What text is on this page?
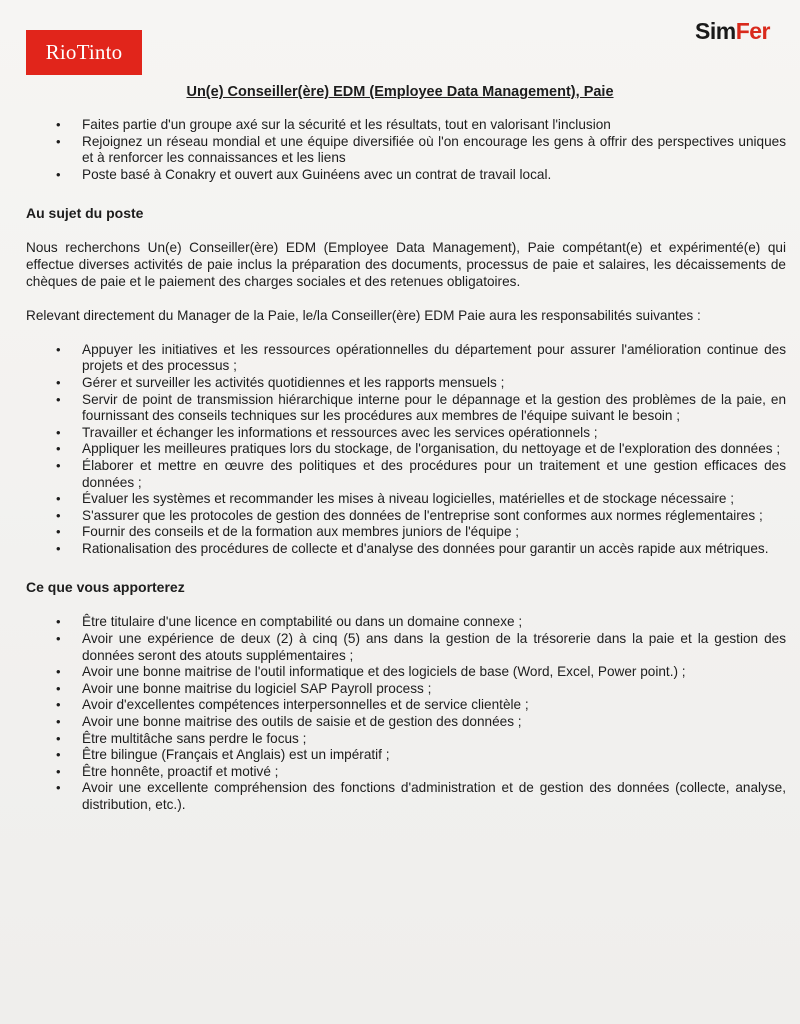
RioTinto
SimFer
Un(e) Conseiller(ère) EDM (Employee Data Management), Paie
• Faites partie d'un groupe axé sur la sécurité et les résultats, tout en valorisant l'inclusion
• Rejoignez un réseau mondial et une équipe diversifiée où l'on encourage les gens à offrir des perspectives uniques et à renforcer les connaissances et les liens
• Poste basé à Conakry et ouvert aux Guinéens avec un contrat de travail local.
Au sujet du poste

Nous recherchons Un(e) Conseiller(ère) EDM (Employee Data Management), Paie compétant(e) et expérimenté(e) qui effectue diverses activités de paie inclus la préparation des documents, processus de paie et salaires, les décaissements de chèques de paie et le paiement des charges sociales et des retenues obligatoires.

Relevant directement du Manager de la Paie, le/la Conseiller(ère) EDM Paie aura les responsabilités suivantes :

• Appuyer les initiatives et les ressources opérationnelles du département pour assurer l'amélioration continue des projets et des processus ;
• Gérer et surveiller les activités quotidiennes et les rapports mensuels ;
• Servir de point de transmission hiérarchique interne pour le dépannage et la gestion des problèmes de la paie, en fournissant des conseils techniques sur les procédures aux membres de l'équipe suivant le besoin ;
• Travailler et échanger les informations et ressources avec les services opérationnels ;
• Appliquer les meilleures pratiques lors du stockage, de l'organisation, du nettoyage et de l'exploration des données ;
• Élaborer et mettre en œuvre des politiques et des procédures pour un traitement et une gestion efficaces des données ;
• Évaluer les systèmes et recommander les mises à niveau logicielles, matérielles et de stockage nécessaire ;
• S'assurer que les protocoles de gestion des données de l'entreprise sont conformes aux normes réglementaires ;
• Fournir des conseils et de la formation aux membres juniors de l'équipe ;
• Rationalisation des procédures de collecte et d'analyse des données pour garantir un accès rapide aux métriques.
Ce que vous apporterez
• Être titulaire d'une licence en comptabilité ou dans un domaine connexe ;
• Avoir une expérience de deux (2) à cinq (5) ans dans la gestion de la trésorerie dans la paie et la gestion des données seront des atouts supplémentaires ;
• Avoir une bonne maitrise de l'outil informatique et des logiciels de base (Word, Excel, Power point.) ;
• Avoir une bonne maitrise du logiciel SAP Payroll process ;
• Avoir d'excellentes compétences interpersonnelles et de service clientèle ;
• Avoir une bonne maitrise des outils de saisie et de gestion des données ;
• Être multitâche sans perdre le focus ;
• Être bilingue (Français et Anglais) est un impératif ;
• Être honnête, proactif et motivé ;
• Avoir une excellente compréhension des fonctions d'administration et de gestion des données (collecte, analyse, distribution, etc.).
